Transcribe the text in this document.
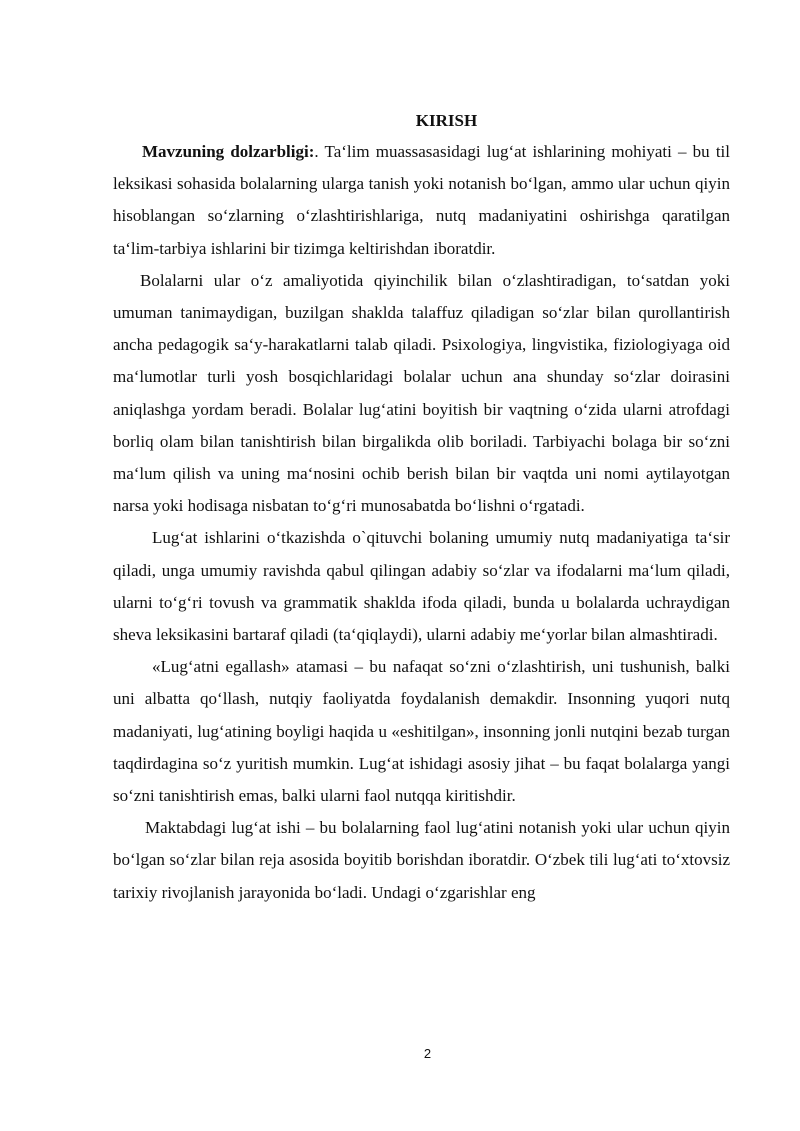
KIRISH

Mavzuning dolzarbligi:. Ta‘lim muassasasidagi lug‘at ishlarining mohiyati – bu til leksikasi sohasida bolalarning ularga tanish yoki notanish bo‘lgan, ammo ular uchun qiyin hisoblangan so‘zlarning o‘zlashtirishlariga, nutq madaniyatini oshirishga qaratilgan ta‘lim-tarbiya ishlarini bir tizimga keltirishdan iboratdir.

Bolalarni ular o‘z amaliyotida qiyinchilik bilan o‘zlashtiradigan, to‘satdan yoki umuman tanimaydigan, buzilgan shaklda talaffuz qiladigan so‘zlar bilan qurollantirish ancha pedagogik sa‘y-harakatlarni talab qiladi. Psixologiya, lingvistika, fiziologiyaga oid ma‘lumotlar turli yosh bosqichlaridagi bolalar uchun ana shunday so‘zlar doirasini aniqlashga yordam beradi. Bolalar lug‘atini boyitish bir vaqtning o‘zida ularni atrofdagi borliq olam bilan tanishtirish bilan birgalikda olib boriladi. Tarbiyachi bolaga bir so‘zni ma‘lum qilish va uning ma‘nosini ochib berish bilan bir vaqtda uni nomi aytilayotgan narsa yoki hodisaga nisbatan to‘g‘ri munosabatda bo‘lishni o‘rgatadi.

Lug‘at ishlarini o‘tkazishda o`qituvchi bolaning umumiy nutq madaniyatiga ta‘sir qiladi, unga umumiy ravishda qabul qilingan adabiy so‘zlar va ifodalarni ma‘lum qiladi, ularni to‘g‘ri tovush va grammatik shaklda ifoda qiladi, bunda u bolalarda uchraydigan sheva leksikasini bartaraf qiladi (ta‘qiqlaydi), ularni adabiy me‘yorlar bilan almashtiradi.

«Lug‘atni egallash» atamasi – bu nafaqat so‘zni o‘zlashtirish, uni tushunish, balki uni albatta qo‘llash, nutqiy faoliyatda foydalanish demakdir. Insonning yuqori nutq madaniyati, lug‘atining boyligi haqida u «eshitilgan», insonning jonli nutqini bezab turgan taqdirdagina so‘z yuritish mumkin. Lug‘at ishidagi asosiy jihat – bu faqat bolalarga yangi so‘zni tanishtirish emas, balki ularni faol nutqqa kiritishdir.

Maktabdagi lug‘at ishi – bu bolalarning faol lug‘atini notanish yoki ular uchun qiyin bo‘lgan so‘zlar bilan reja asosida boyitib borishdan iboratdir. O‘zbek tili lug‘ati to‘xtovsiz tarixiy rivojlanish jarayonida bo‘ladi. Undagi o‘zgarishlar eng

2
